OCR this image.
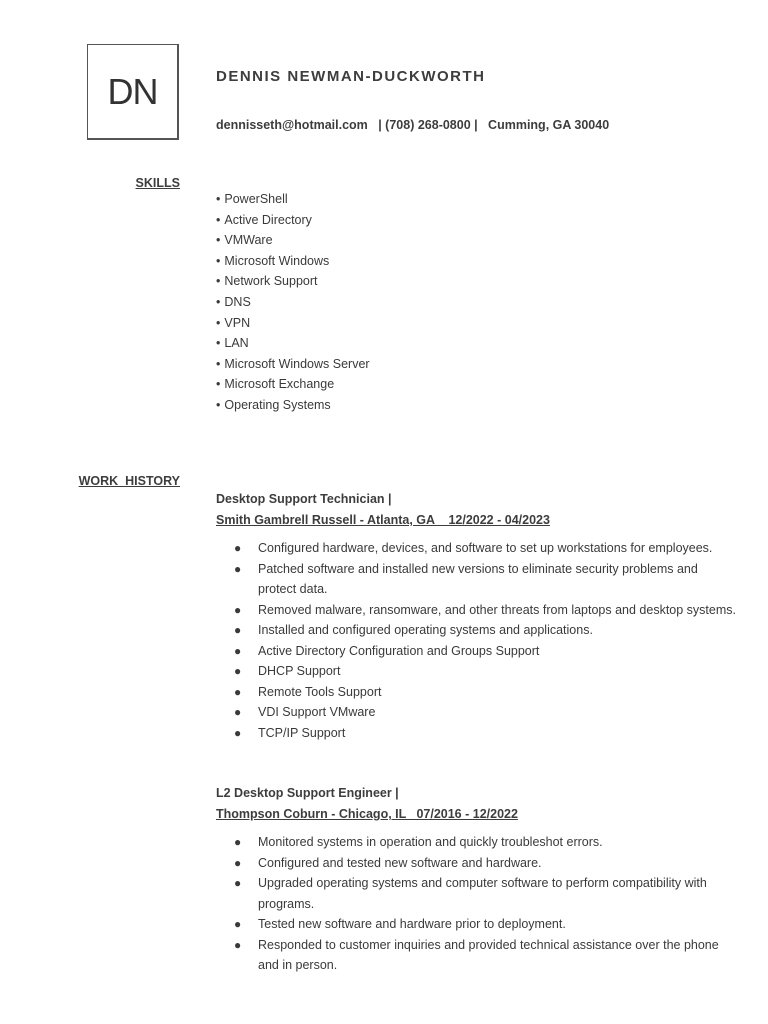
DN	DENNIS NEWMAN-DUCKWORTH
dennisseth@hotmail.com   | (708) 268-0800 |   Cumming, GA 30040
SKILLS
• PowerShell
• Active Directory
• VMWare
• Microsoft Windows
• Network Support
• DNS
• VPN
• LAN
• Microsoft Windows Server
• Microsoft Exchange
• Operating Systems
WORK  HISTORY
Desktop Support Technician |
Smith Gambrell Russell - Atlanta, GA    12/2022 - 04/2023
● Configured hardware, devices, and software to set up workstations for employees.
● Patched software and installed new versions to eliminate security problems and protect data.
● Removed malware, ransomware, and other threats from laptops and desktop systems.
● Installed and configured operating systems and applications.
● Active Directory Configuration and Groups Support
● DHCP Support
● Remote Tools Support
● VDI Support VMware
● TCP/IP Support
L2 Desktop Support Engineer |
Thompson Coburn - Chicago, IL   07/2016 - 12/2022
● Monitored systems in operation and quickly troubleshot errors.
● Configured and tested new software and hardware.
● Upgraded operating systems and computer software to perform compatibility with programs.
● Tested new software and hardware prior to deployment.
● Responded to customer inquiries and provided technical assistance over the phone and in person.
